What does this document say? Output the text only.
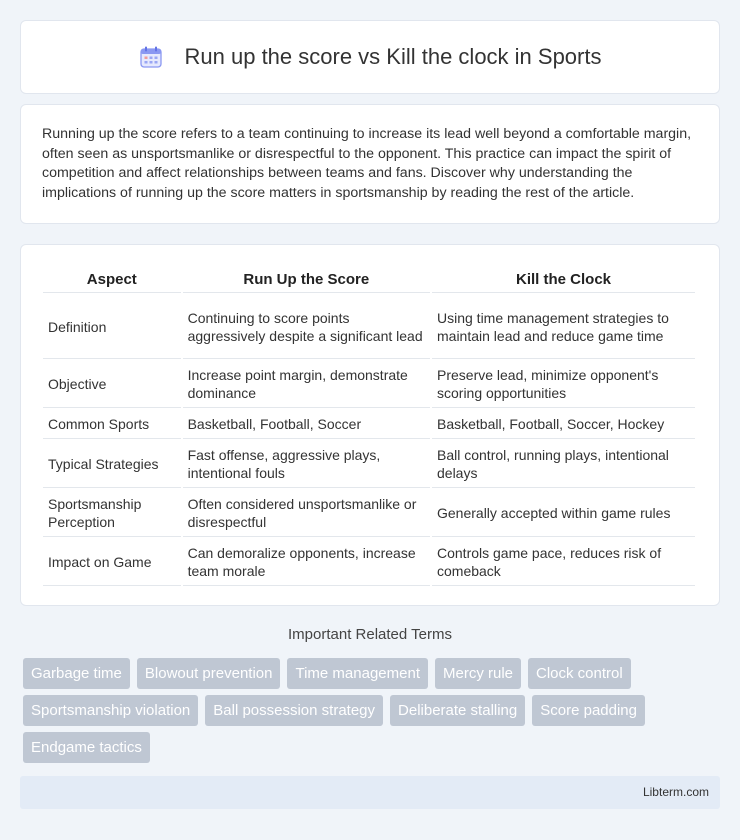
Run up the score vs Kill the clock in Sports

Running up the score refers to a team continuing to increase its lead well beyond a comfortable margin, often seen as unsportsmanlike or disrespectful to the opponent. This practice can impact the spirit of competition and affect relationships between teams and fans. Discover why understanding the implications of running up the score matters in sportsmanship by reading the rest of the article.

Aspect	Run Up the Score	Kill the Clock
Definition	Continuing to score points aggressively despite a significant lead	Using time management strategies to maintain lead and reduce game time
Objective	Increase point margin, demonstrate dominance	Preserve lead, minimize opponent's scoring opportunities
Common Sports	Basketball, Football, Soccer	Basketball, Football, Soccer, Hockey
Typical Strategies	Fast offense, aggressive plays, intentional fouls	Ball control, running plays, intentional delays
Sportsmanship Perception	Often considered unsportsmanlike or disrespectful	Generally accepted within game rules
Impact on Game	Can demoralize opponents, increase team morale	Controls game pace, reduces risk of comeback
Important Related Terms
Garbage time	Blowout prevention	Time management	Mercy rule	Clock control
Sportsmanship violation	Ball possession strategy	Deliberate stalling	Score padding
Endgame tactics
Libterm.com
